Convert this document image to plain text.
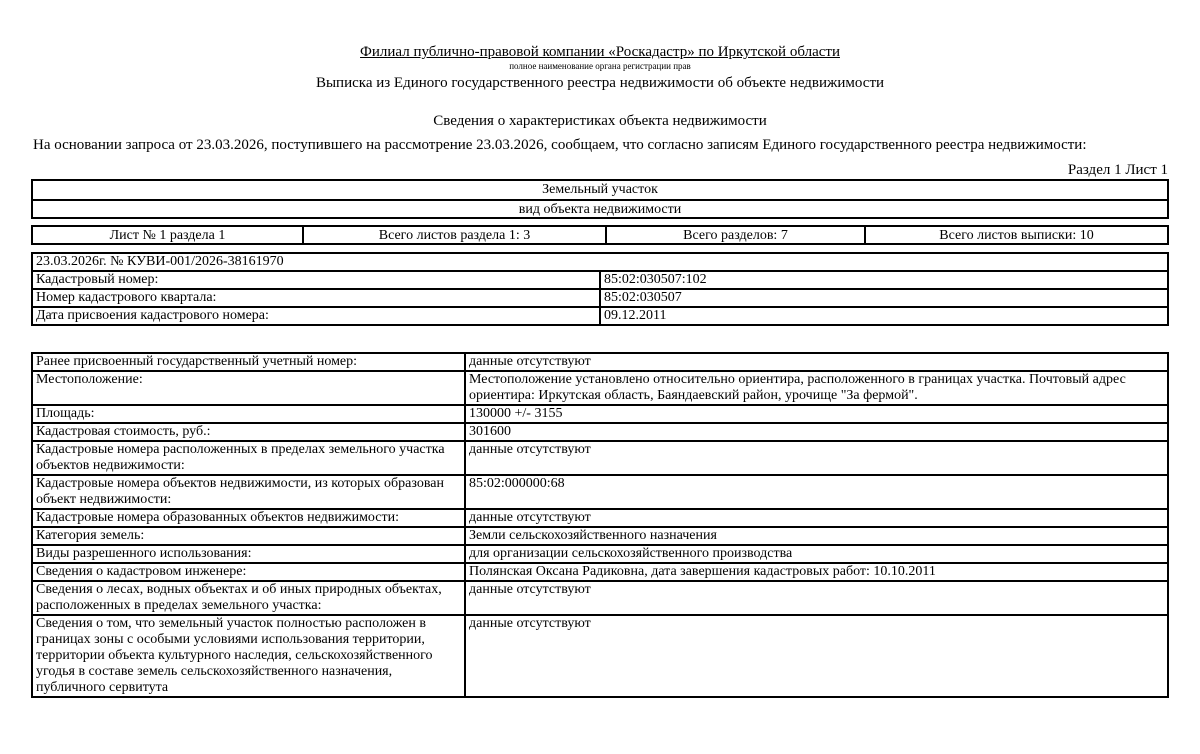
Филиал публично-правовой компании «Роскадастр» по Иркутской области
полное наименование органа регистрации прав
Выписка из Единого государственного реестра недвижимости об объекте недвижимости
Сведения о характеристиках объекта недвижимости
На основании запроса от 23.03.2026, поступившего на рассмотрение 23.03.2026, сообщаем, что согласно записям Единого государственного реестра недвижимости:
Раздел 1 Лист 1
Земельный участок
вид объекта недвижимости
Лист № 1 раздела 1	Всего листов раздела 1: 3	Всего разделов: 7	Всего листов выписки: 10
23.03.2026г. № КУВИ-001/2026-38161970	
Кадастровый номер:	85:02:030507:102
Номер кадастрового квартала:	85:02:030507
Дата присвоения кадастрового номера:	09.12.2011
Ранее присвоенный государственный учетный номер:	данные отсутствуют
Местоположение:	Местоположение установлено относительно ориентира, расположенного в границах участка. Почтовый адрес ориентира: Иркутская область, Баяндаевский район, урочище "За фермой".
Площадь:	130000 +/- 3155
Кадастровая стоимость, руб.:	301600
Кадастровые номера расположенных в пределах земельного участка объектов недвижимости:	данные отсутствуют
Кадастровые номера объектов недвижимости, из которых образован объект недвижимости:	85:02:000000:68
Кадастровые номера образованных объектов недвижимости:	данные отсутствуют
Категория земель:	Земли сельскохозяйственного назначения
Виды разрешенного использования:	для организации сельскохозяйственного производства
Сведения о кадастровом инженере:	Полянская Оксана Радиковна, дата завершения кадастровых работ: 10.10.2011
Сведения о лесах, водных объектах и об иных природных объектах, расположенных в пределах земельного участка:	данные отсутствуют
Сведения о том, что земельный участок полностью расположен в границах зоны с особыми условиями использования территории, территории объекта культурного наследия, сельскохозяйственного угодья в составе земель сельскохозяйственного назначения, публичного сервитута	данные отсутствуют
